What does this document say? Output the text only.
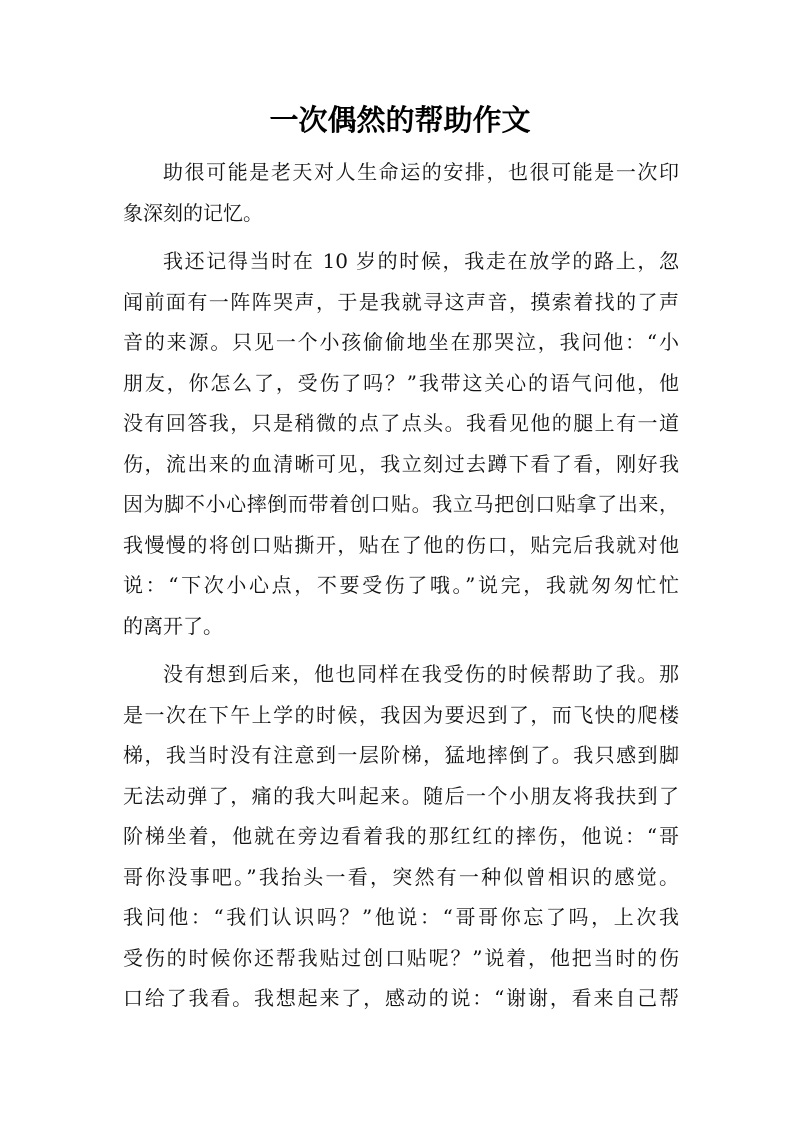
一次偶然的帮助作文

助很可能是老天对人生命运的安排，也很可能是一次印
象深刻的记忆。

我还记得当时在 10 岁的时候，我走在放学的路上，忽
闻前面有一阵阵哭声，于是我就寻这声音，摸索着找的了声
音的来源。只见一个小孩偷偷地坐在那哭泣，我问他：“小
朋友，你怎么了，受伤了吗？”我带这关心的语气问他，他
没有回答我，只是稍微的点了点头。我看见他的腿上有一道
伤，流出来的血清晰可见，我立刻过去蹲下看了看，刚好我
因为脚不小心摔倒而带着创口贴。我立马把创口贴拿了出来，
我慢慢的将创口贴撕开，贴在了他的伤口，贴完后我就对他
说：“下次小心点，不要受伤了哦。”说完，我就匆匆忙忙
的离开了。

没有想到后来，他也同样在我受伤的时候帮助了我。那
是一次在下午上学的时候，我因为要迟到了，而飞快的爬楼
梯，我当时没有注意到一层阶梯，猛地摔倒了。我只感到脚
无法动弹了，痛的我大叫起来。随后一个小朋友将我扶到了
阶梯坐着，他就在旁边看着我的那红红的摔伤，他说：“哥
哥你没事吧。”我抬头一看，突然有一种似曾相识的感觉。
我问他：“我们认识吗？”他说：“哥哥你忘了吗，上次我
受伤的时候你还帮我贴过创口贴呢？”说着，他把当时的伤
口给了我看。我想起来了，感动的说：“谢谢，看来自己帮
